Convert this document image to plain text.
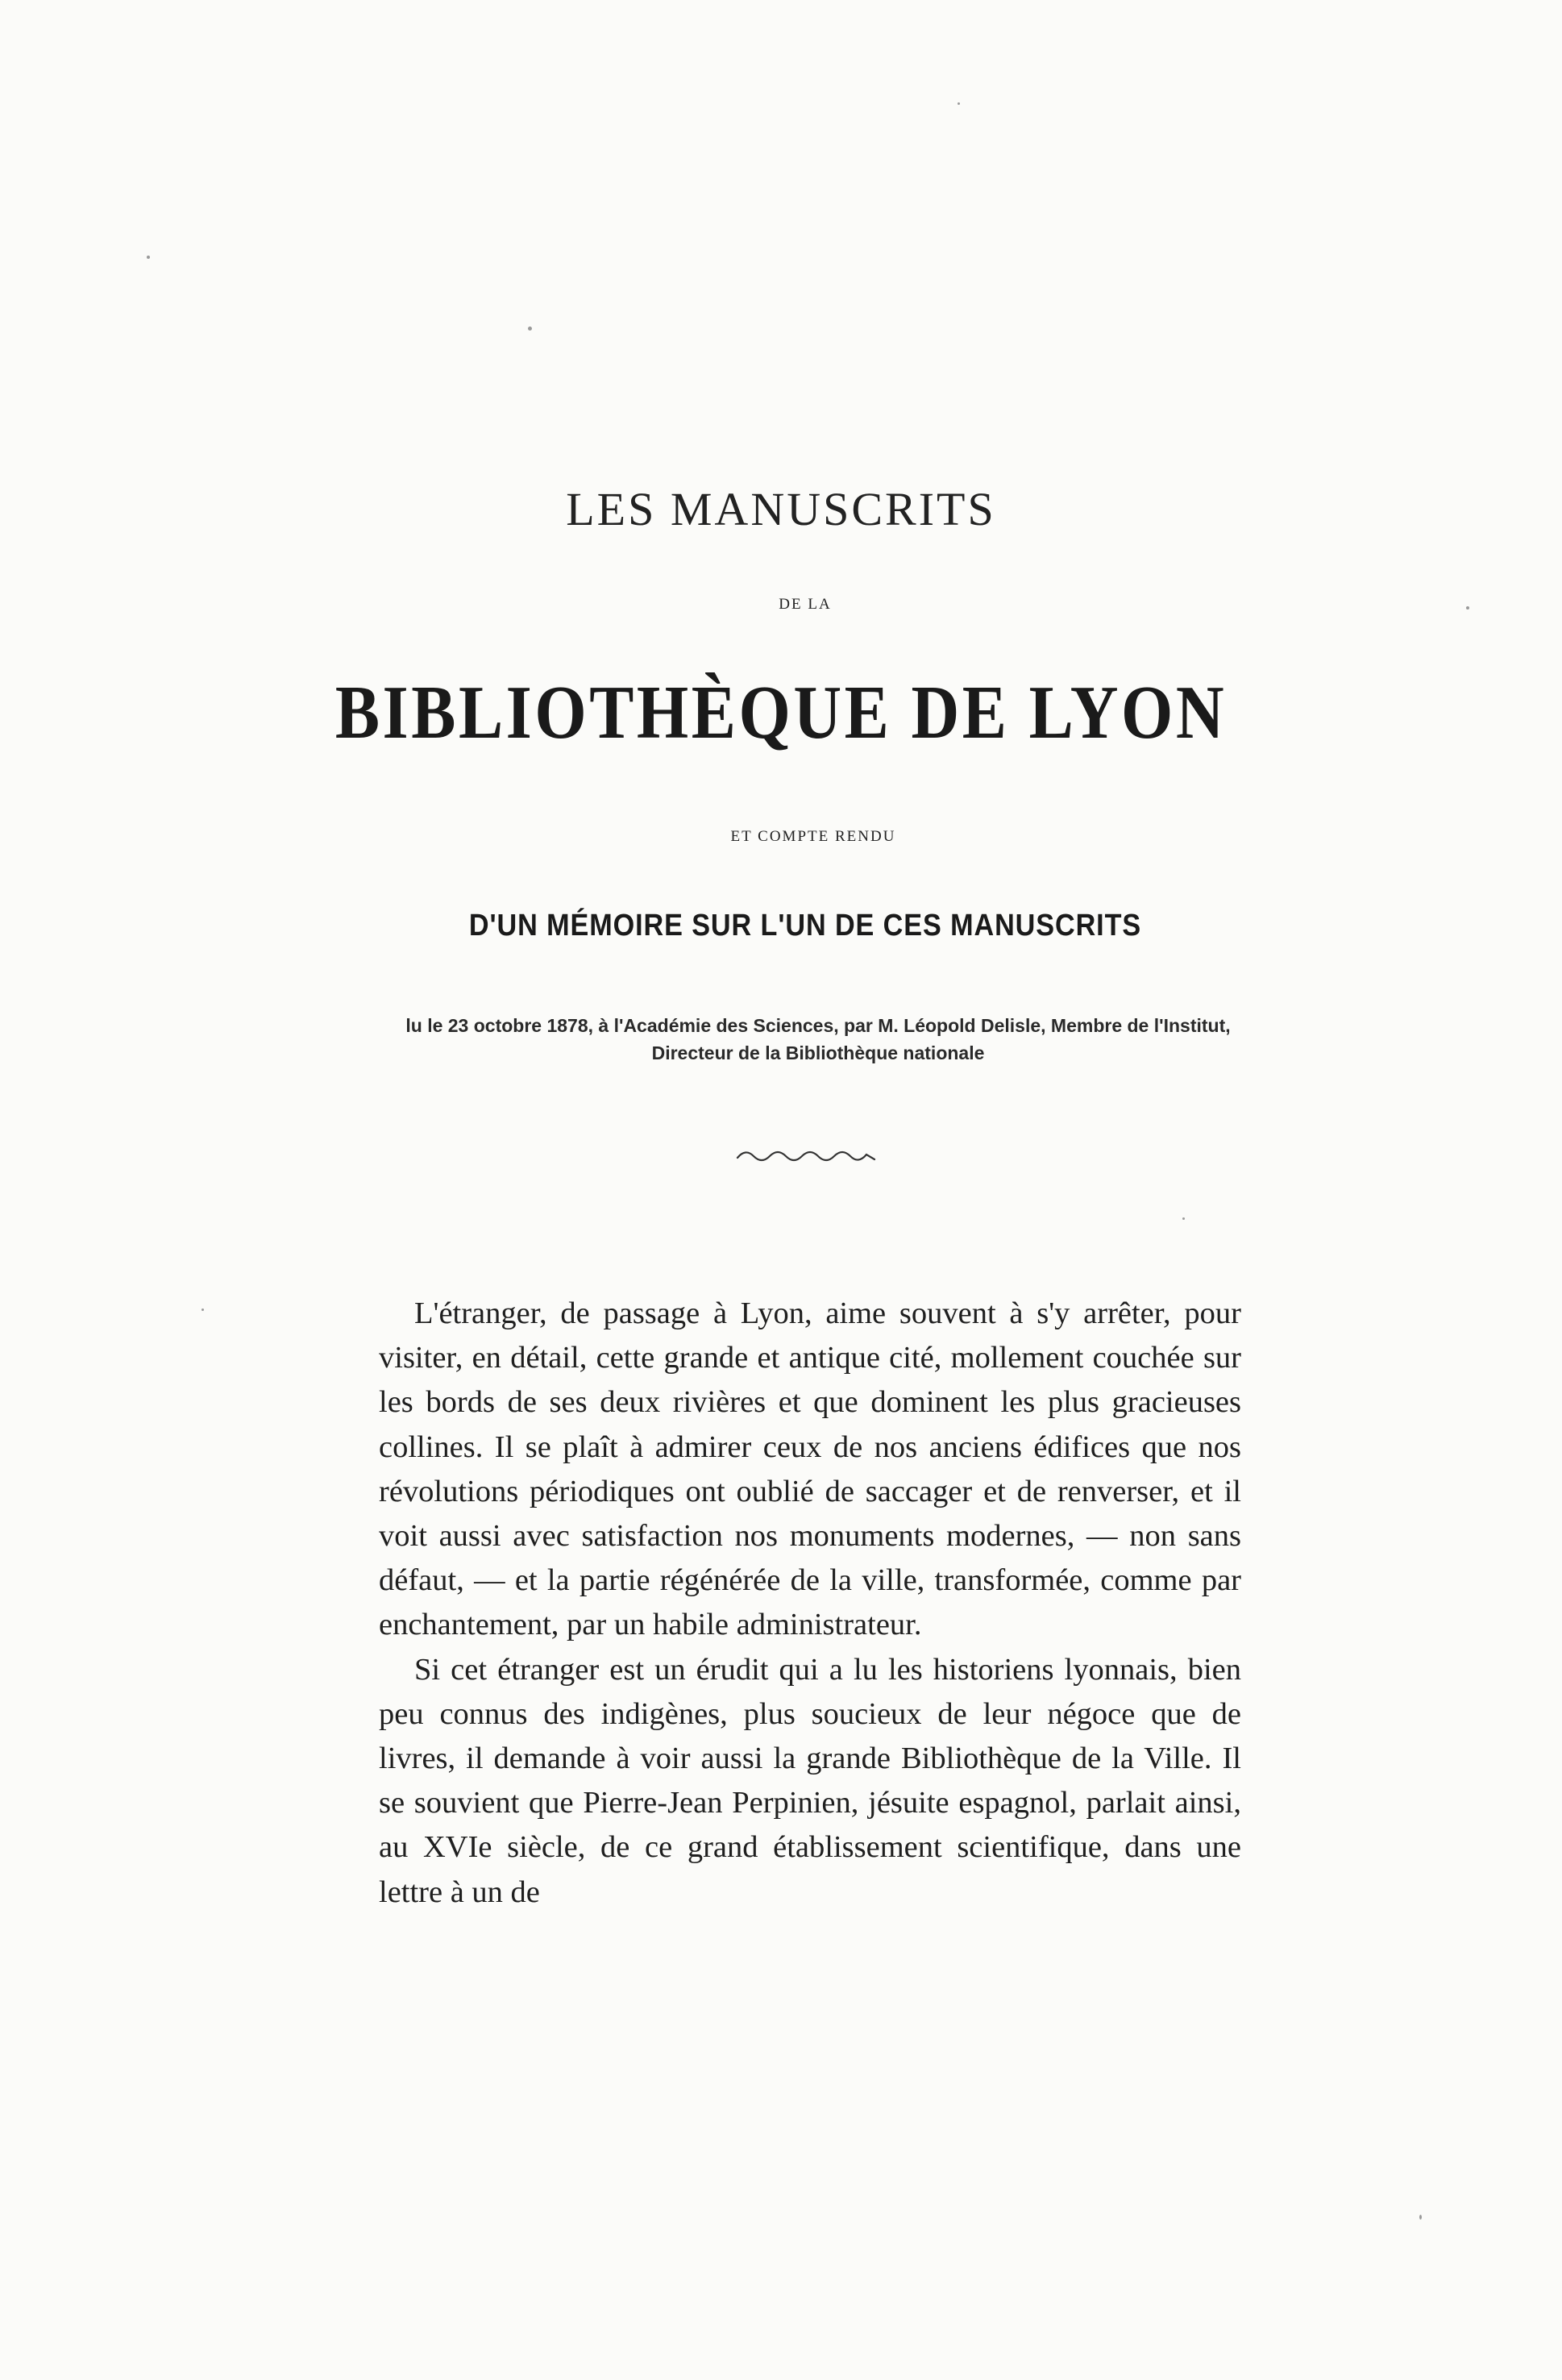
LES MANUSCRITS
DE LA
BIBLIOTHÈQUE DE LYON
ET COMPTE RENDU
D'UN MÉMOIRE SUR L'UN DE CES MANUSCRITS
lu le 23 octobre 1878, à l'Académie des Sciences, par M. Léopold Delisle, Membre de l'Institut, Directeur de la Bibliothèque nationale

L'étranger, de passage à Lyon, aime souvent à s'y arrêter, pour visiter, en détail, cette grande et antique cité, mollement couchée sur les bords de ses deux rivières et que dominent les plus gracieuses collines. Il se plaît à admirer ceux de nos anciens édifices que nos révolutions périodiques ont oublié de saccager et de renverser, et il voit aussi avec satisfaction nos monuments modernes, — non sans défaut, — et la partie régénérée de la ville, transformée, comme par enchantement, par un habile administrateur.

Si cet étranger est un érudit qui a lu les historiens lyonnais, bien peu connus des indigènes, plus soucieux de leur négoce que de livres, il demande à voir aussi la grande Bibliothèque de la Ville. Il se souvient que Pierre-Jean Perpinien, jésuite espagnol, parlait ainsi, au XVIe siècle, de ce grand établissement scientifique, dans une lettre à un de
